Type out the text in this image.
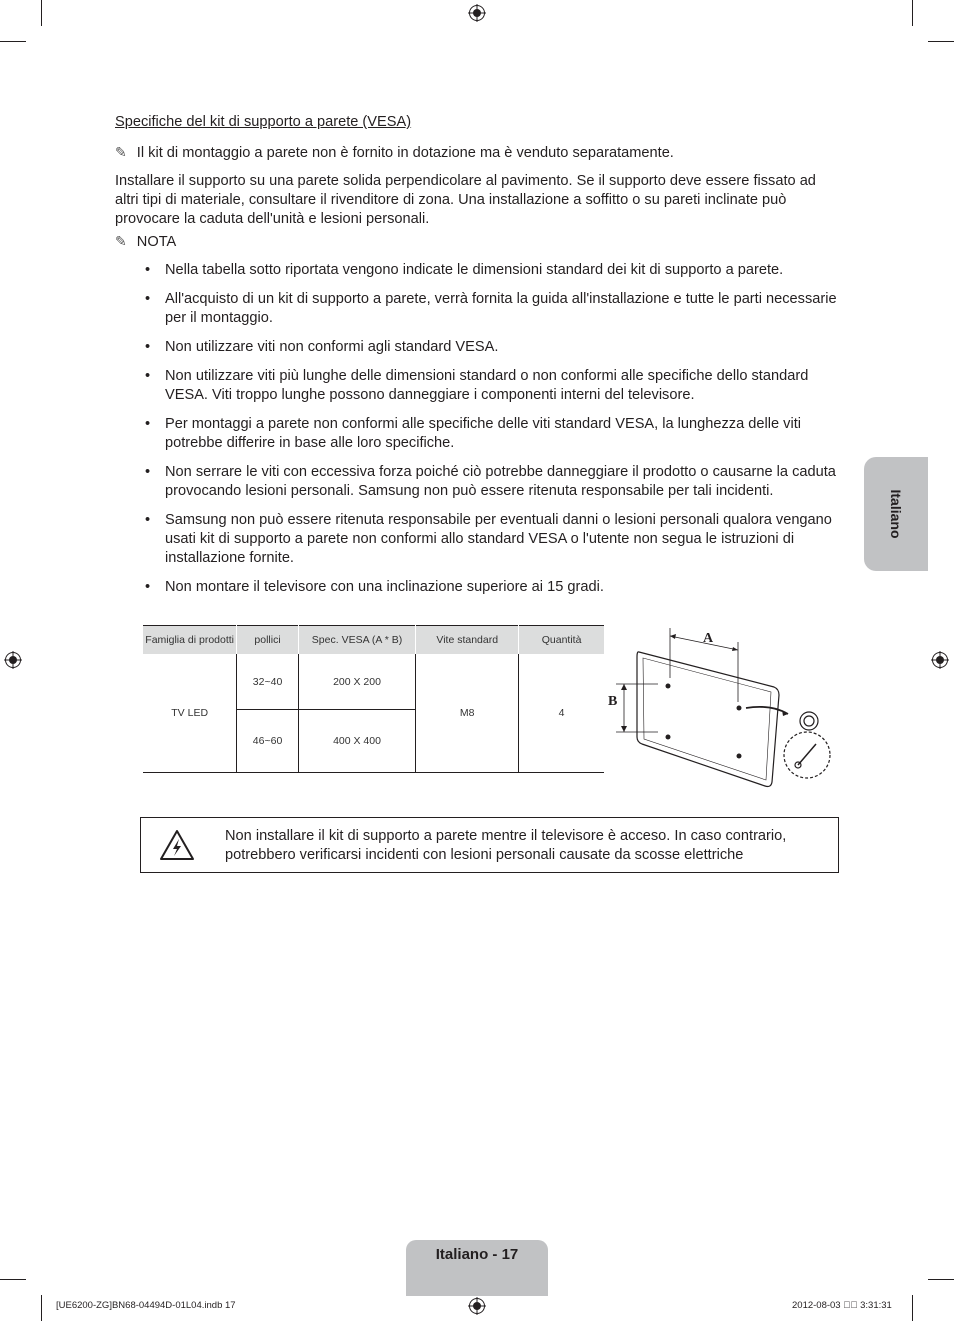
Specifiche del kit di supporto a parete (VESA)
✎ Il kit di montaggio a parete non è fornito in dotazione ma è venduto separatamente.
Installare il supporto su una parete solida perpendicolare al pavimento. Se il supporto deve essere fissato ad altri tipi di materiale, consultare il rivenditore di zona. Una installazione a soffitto o su pareti inclinate può provocare la caduta dell'unità e lesioni personali.
✎ NOTA
• Nella tabella sotto riportata vengono indicate le dimensioni standard dei kit di supporto a parete.
• All'acquisto di un kit di supporto a parete, verrà fornita la guida all'installazione e tutte le parti necessarie per il montaggio.
• Non utilizzare viti non conformi agli standard VESA.
• Non utilizzare viti più lunghe delle dimensioni standard o non conformi alle specifiche dello standard VESA. Viti troppo lunghe possono danneggiare i componenti interni del televisore.
• Per montaggi a parete non conformi alle specifiche delle viti standard VESA, la lunghezza delle viti potrebbe differire in base alle loro specifiche.
• Non serrare le viti con eccessiva forza poiché ciò potrebbe danneggiare il prodotto o causarne la caduta provocando lesioni personali. Samsung non può essere ritenuta responsabile per tali incidenti.
• Samsung non può essere ritenuta responsabile per eventuali danni o lesioni personali qualora vengano usati kit di supporto a parete non conformi allo standard VESA o l'utente non segua le istruzioni di installazione fornite.
• Non montare il televisore con una inclinazione superiore ai 15 gradi.
Famiglia di prodotti	pollici	Spec. VESA (A * B)	Vite standard	Quantità
TV LED	32~40	200 X 200	M8	4
	46~60	400 X 400		
A
B
Non installare il kit di supporto a parete mentre il televisore è acceso. In caso contrario, potrebbero verificarsi incidenti con lesioni personali causate da scosse elettriche
Italiano
Italiano - 17
[UE6200-ZG]BN68-04494D-01L04.indb 17	2012-08-03 ￿￿ 3:31:31
